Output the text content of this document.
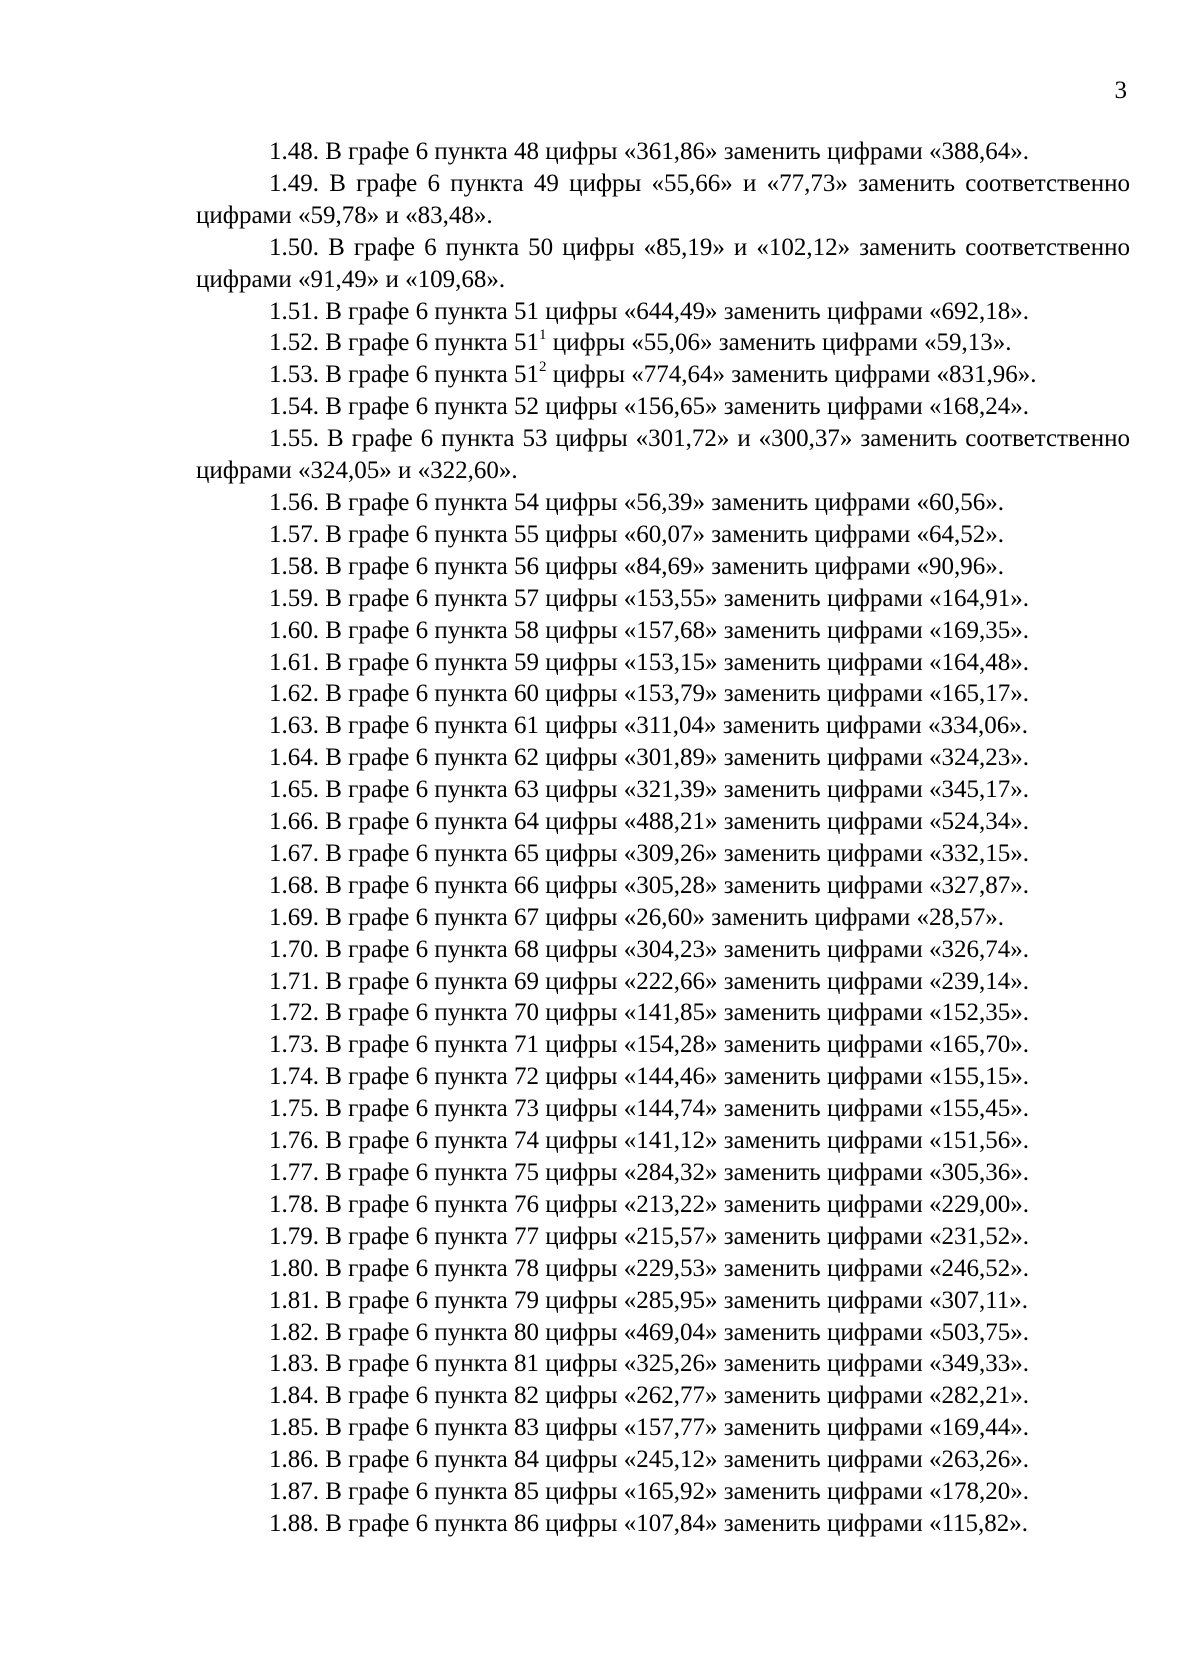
3

1.48. В графе 6 пункта 48 цифры «361,86» заменить цифрами «388,64».

1.49. В графе 6 пункта 49 цифры «55,66» и «77,73» заменить соответственно цифрами «59,78» и «83,48».

1.50. В графе 6 пункта 50 цифры «85,19» и «102,12» заменить соответственно цифрами «91,49» и «109,68».

1.51. В графе 6 пункта 51 цифры «644,49» заменить цифрами «692,18».

1.52. В графе 6 пункта $51^1$ цифры «55,06» заменить цифрами «59,13».

1.53. В графе 6 пункта $51^2$ цифры «774,64» заменить цифрами «831,96».

1.54. В графе 6 пункта 52 цифры «156,65» заменить цифрами «168,24».

1.55. В графе 6 пункта 53 цифры «301,72» и «300,37» заменить соответственно цифрами «324,05» и «322,60».

1.56. В графе 6 пункта 54 цифры «56,39» заменить цифрами «60,56».

1.57. В графе 6 пункта 55 цифры «60,07» заменить цифрами «64,52».

1.58. В графе 6 пункта 56 цифры «84,69» заменить цифрами «90,96».

1.59. В графе 6 пункта 57 цифры «153,55» заменить цифрами «164,91».

1.60. В графе 6 пункта 58 цифры «157,68» заменить цифрами «169,35».

1.61. В графе 6 пункта 59 цифры «153,15» заменить цифрами «164,48».

1.62. В графе 6 пункта 60 цифры «153,79» заменить цифрами «165,17».

1.63. В графе 6 пункта 61 цифры «311,04» заменить цифрами «334,06».

1.64. В графе 6 пункта 62 цифры «301,89» заменить цифрами «324,23».

1.65. В графе 6 пункта 63 цифры «321,39» заменить цифрами «345,17».

1.66. В графе 6 пункта 64 цифры «488,21» заменить цифрами «524,34».

1.67. В графе 6 пункта 65 цифры «309,26» заменить цифрами «332,15».

1.68. В графе 6 пункта 66 цифры «305,28» заменить цифрами «327,87».

1.69. В графе 6 пункта 67 цифры «26,60» заменить цифрами «28,57».

1.70. В графе 6 пункта 68 цифры «304,23» заменить цифрами «326,74».

1.71. В графе 6 пункта 69 цифры «222,66» заменить цифрами «239,14».

1.72. В графе 6 пункта 70 цифры «141,85» заменить цифрами «152,35».

1.73. В графе 6 пункта 71 цифры «154,28» заменить цифрами «165,70».

1.74. В графе 6 пункта 72 цифры «144,46» заменить цифрами «155,15».

1.75. В графе 6 пункта 73 цифры «144,74» заменить цифрами «155,45».

1.76. В графе 6 пункта 74 цифры «141,12» заменить цифрами «151,56».

1.77. В графе 6 пункта 75 цифры «284,32» заменить цифрами «305,36».

1.78. В графе 6 пункта 76 цифры «213,22» заменить цифрами «229,00».

1.79. В графе 6 пункта 77 цифры «215,57» заменить цифрами «231,52».

1.80. В графе 6 пункта 78 цифры «229,53» заменить цифрами «246,52».

1.81. В графе 6 пункта 79 цифры «285,95» заменить цифрами «307,11».

1.82. В графе 6 пункта 80 цифры «469,04» заменить цифрами «503,75».

1.83. В графе 6 пункта 81 цифры «325,26» заменить цифрами «349,33».

1.84. В графе 6 пункта 82 цифры «262,77» заменить цифрами «282,21».

1.85. В графе 6 пункта 83 цифры «157,77» заменить цифрами «169,44».

1.86. В графе 6 пункта 84 цифры «245,12» заменить цифрами «263,26».

1.87. В графе 6 пункта 85 цифры «165,92» заменить цифрами «178,20».

1.88. В графе 6 пункта 86 цифры «107,84» заменить цифрами «115,82».
